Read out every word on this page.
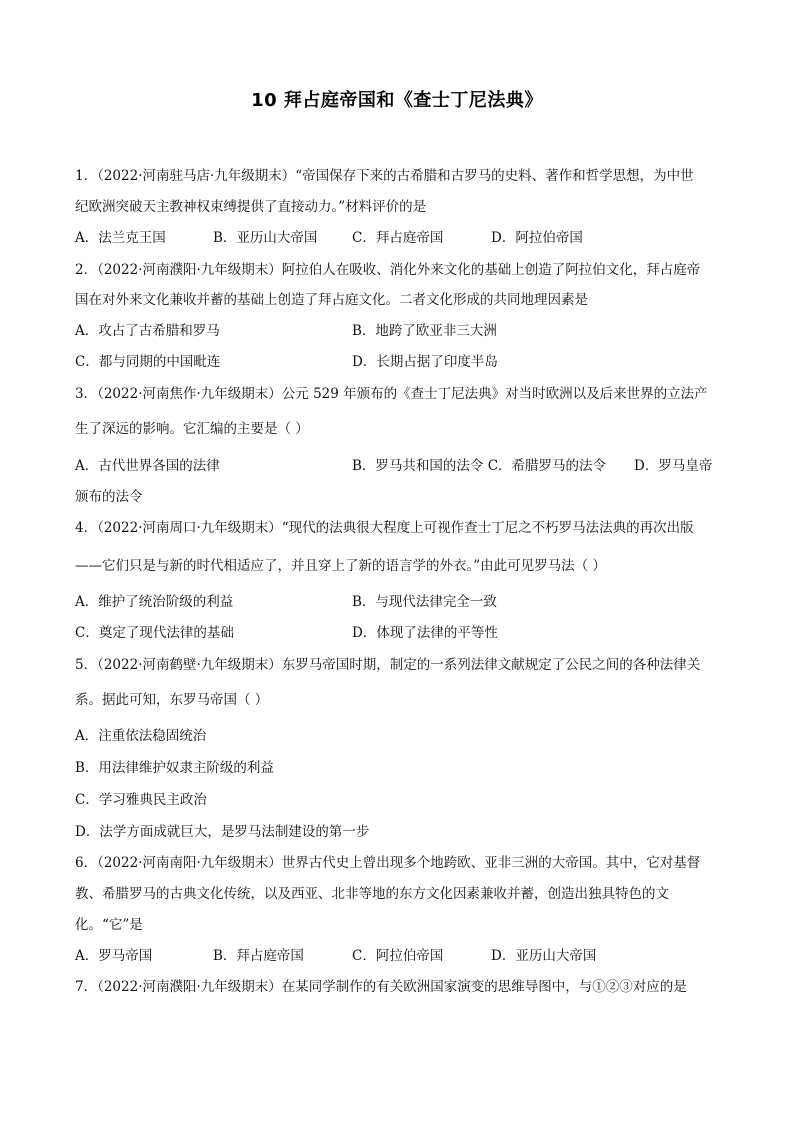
10 拜占庭帝国和《查士丁尼法典》
1．（2022·河南驻马店·九年级期末）“帝国保存下来的古希腊和古罗马的史料、著作和哲学思想，为中世
纪欧洲突破天主教神权束缚提供了直接动力。”材料评价的是
A．法兰克王国	B．亚历山大帝国	C．拜占庭帝国	D．阿拉伯帝国
2．（2022·河南濮阳·九年级期末）阿拉伯人在吸收、消化外来文化的基础上创造了阿拉伯文化，拜占庭帝
国在对外来文化兼收并蓄的基础上创造了拜占庭文化。二者文化形成的共同地理因素是
A．攻占了古希腊和罗马	B．地跨了欧亚非三大洲
C．都与同期的中国毗连	D．长期占据了印度半岛
3．（2022·河南焦作·九年级期末）公元 529 年颁布的《查士丁尼法典》对当时欧洲以及后来世界的立法产
生了深远的影响。它汇编的主要是（ ）
A．古代世界各国的法律	B．罗马共和国的法令 C．希腊罗马的法令 D．罗马皇帝
颁布的法令
4．（2022·河南周口·九年级期末）“现代的法典很大程度上可视作查士丁尼之不朽罗马法法典的再次出版
——它们只是与新的时代相适应了，并且穿上了新的语言学的外衣。”由此可见罗马法（ ）
A．维护了统治阶级的利益	B．与现代法律完全一致
C．奠定了现代法律的基础	D．体现了法律的平等性
5．（2022·河南鹤壁·九年级期末）东罗马帝国时期，制定的一系列法律文献规定了公民之间的各种法律关
系。据此可知，东罗马帝国（ ）
A．注重依法稳固统治
B．用法律维护奴隶主阶级的利益
C．学习雅典民主政治
D．法学方面成就巨大，是罗马法制建设的第一步
6．（2022·河南南阳·九年级期末）世界古代史上曾出现多个地跨欧、亚非三洲的大帝国。其中，它对基督
教、希腊罗马的古典文化传统，以及西亚、北非等地的东方文化因素兼收并蓄，创造出独具特色的文
化。“它”是
A．罗马帝国	B．拜占庭帝国	C．阿拉伯帝国	D．亚历山大帝国
7．（2022·河南濮阳·九年级期末）在某同学制作的有关欧洲国家演变的思维导图中，与①②③对应的是
